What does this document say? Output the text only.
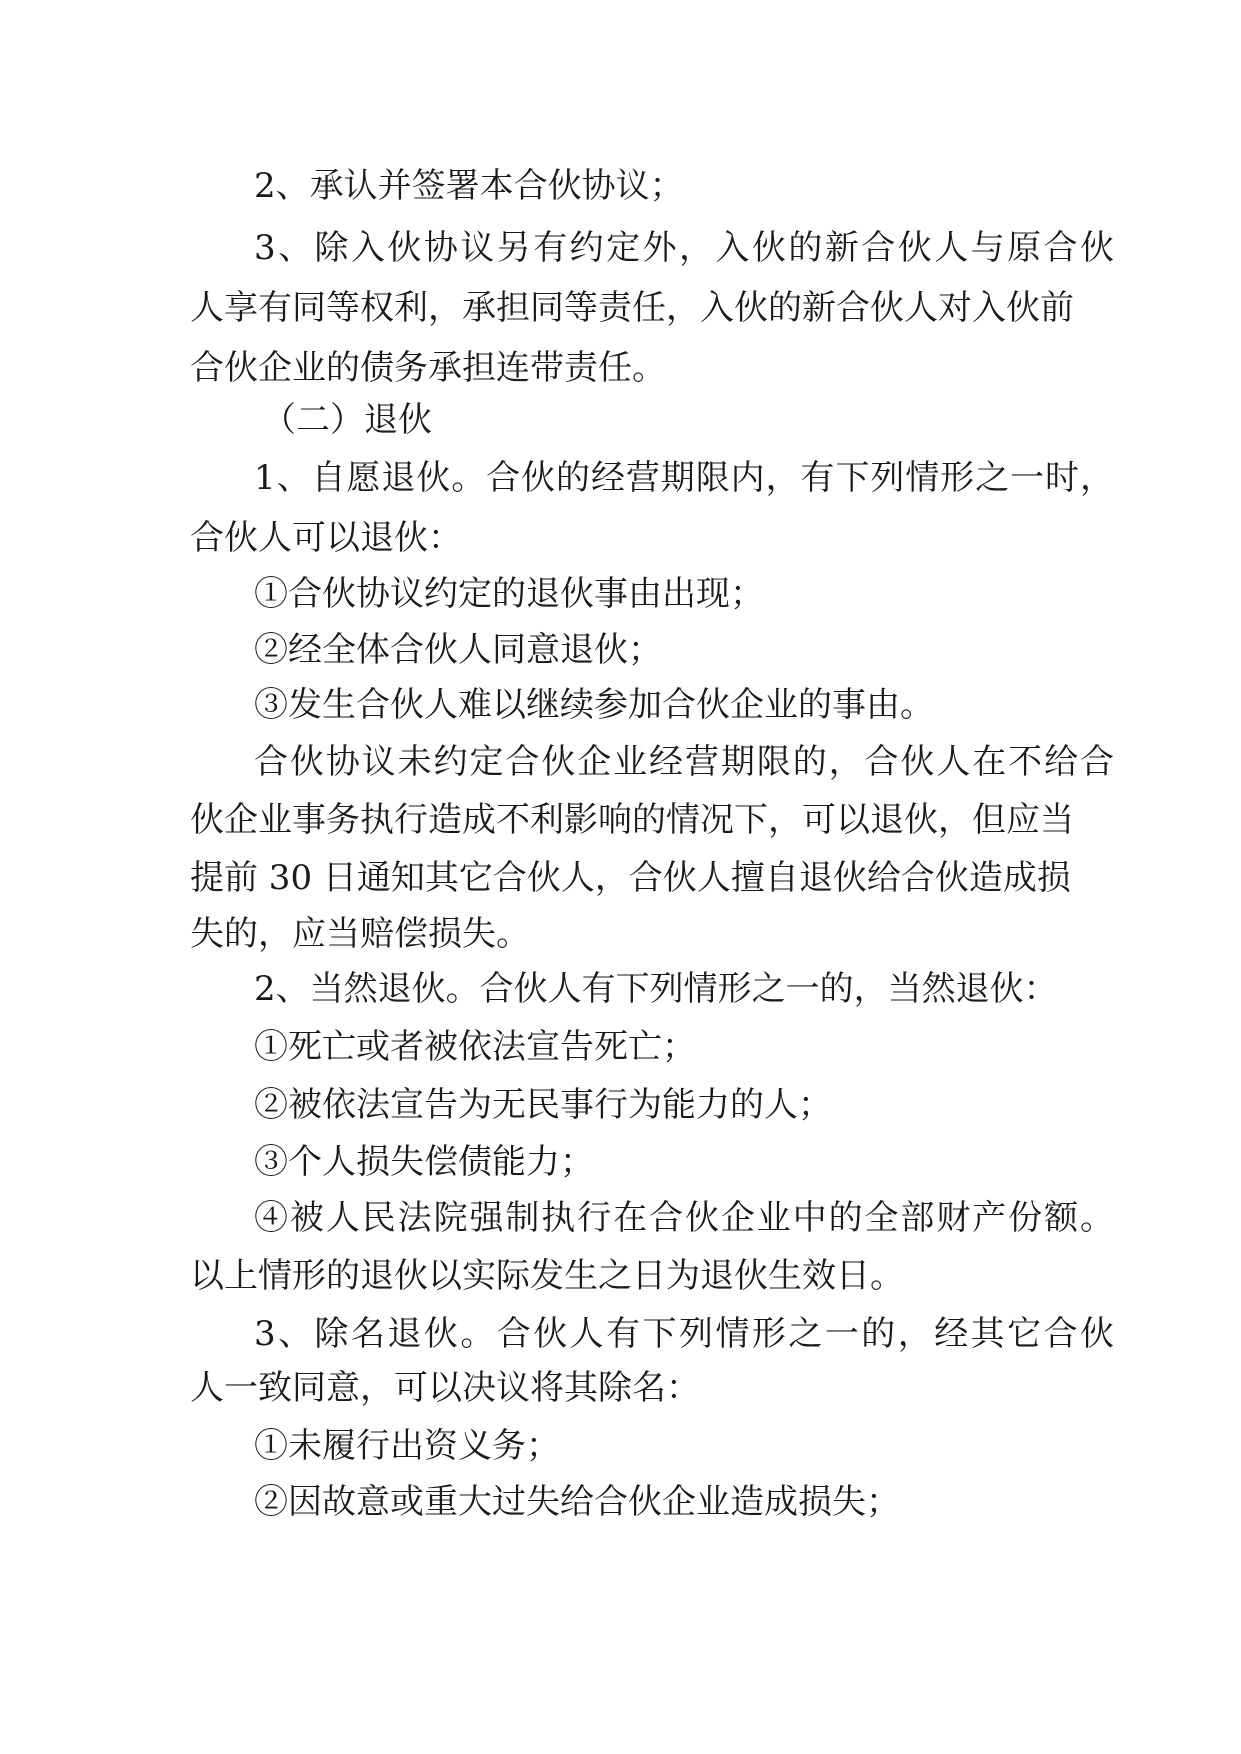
2、承认并签署本合伙协议；

3、除入伙协议另有约定外，入伙的新合伙人与原合伙

人享有同等权利，承担同等责任，入伙的新合伙人对入伙前

合伙企业的债务承担连带责任。

（二）退伙

1、自愿退伙。合伙的经营期限内，有下列情形之一时，

合伙人可以退伙：

①合伙协议约定的退伙事由出现；

②经全体合伙人同意退伙；

③发生合伙人难以继续参加合伙企业的事由。

合伙协议未约定合伙企业经营期限的，合伙人在不给合

伙企业事务执行造成不利影响的情况下，可以退伙，但应当

提前 30 日通知其它合伙人，合伙人擅自退伙给合伙造成损

失的，应当赔偿损失。

2、当然退伙。合伙人有下列情形之一的，当然退伙：

①死亡或者被依法宣告死亡；

②被依法宣告为无民事行为能力的人；

③个人损失偿债能力；

④被人民法院强制执行在合伙企业中的全部财产份额。

以上情形的退伙以实际发生之日为退伙生效日。

3、除名退伙。合伙人有下列情形之一的，经其它合伙

人一致同意，可以决议将其除名：

①未履行出资义务；

②因故意或重大过失给合伙企业造成损失；
